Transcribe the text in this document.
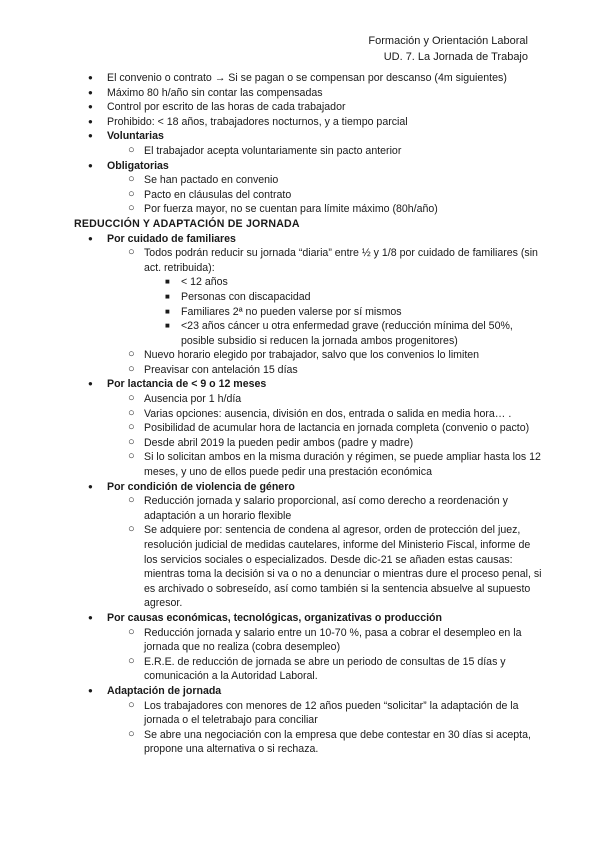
Formación y Orientación Laboral
UD. 7. La Jornada de Trabajo
● El convenio o contrato → Si se pagan o se compensan por descanso (4m siguientes)
● Máximo 80 h/año sin contar las compensadas
● Control por escrito de las horas de cada trabajador
● Prohibido: < 18 años, trabajadores nocturnos, y a tiempo parcial
● Voluntarias
○ El trabajador acepta voluntariamente sin pacto anterior
● Obligatorias
○ Se han pactado en convenio
○ Pacto en cláusulas del contrato
○ Por fuerza mayor, no se cuentan para límite máximo (80h/año)
REDUCCIÓN Y ADAPTACIÓN DE JORNADA
● Por cuidado de familiares
○ Todos podrán reducir su jornada “diaria” entre ½ y 1/8 por cuidado de familiares (sin act. retribuida):
■ < 12 años
■ Personas con discapacidad
■ Familiares 2ª no pueden valerse por sí mismos
■ <23 años cáncer u otra enfermedad grave (reducción mínima del 50%, posible subsidio si reducen la jornada ambos progenitores)
○ Nuevo horario elegido por trabajador, salvo que los convenios lo limiten
○ Preavisar con antelación 15 días
● Por lactancia de < 9 o 12 meses
○ Ausencia por 1 h/día
○ Varias opciones: ausencia, división en dos, entrada o salida en media hora… .
○ Posibilidad de acumular hora de lactancia en jornada completa (convenio o pacto)
○ Desde abril 2019 la pueden pedir ambos (padre y madre)
○ Si lo solicitan ambos en la misma duración y régimen, se puede ampliar hasta los 12 meses, y uno de ellos puede pedir una prestación económica
● Por condición de violencia de género
○ Reducción jornada y salario proporcional, así como derecho a reordenación y adaptación a un horario flexible
○ Se adquiere por: sentencia de condena al agresor, orden de protección del juez, resolución judicial de medidas cautelares, informe del Ministerio Fiscal, informe de los servicios sociales o especializados. Desde dic-21 se añaden estas causas: mientras toma la decisión si va o no a denunciar o mientras dure el proceso penal, si es archivado o sobreseído, así como también si la sentencia absuelve al supuesto agresor.
● Por causas económicas, tecnológicas, organizativas o producción
○ Reducción jornada y salario entre un 10-70 %, pasa a cobrar el desempleo en la jornada que no realiza (cobra desempleo)
○ E.R.E. de reducción de jornada se abre un periodo de consultas de 15 días y comunicación a la Autoridad Laboral.
● Adaptación de jornada
○ Los trabajadores con menores de 12 años pueden “solicitar” la adaptación de la jornada o el teletrabajo para conciliar
○ Se abre una negociación con la empresa que debe contestar en 30 días si acepta, propone una alternativa o si rechaza.
